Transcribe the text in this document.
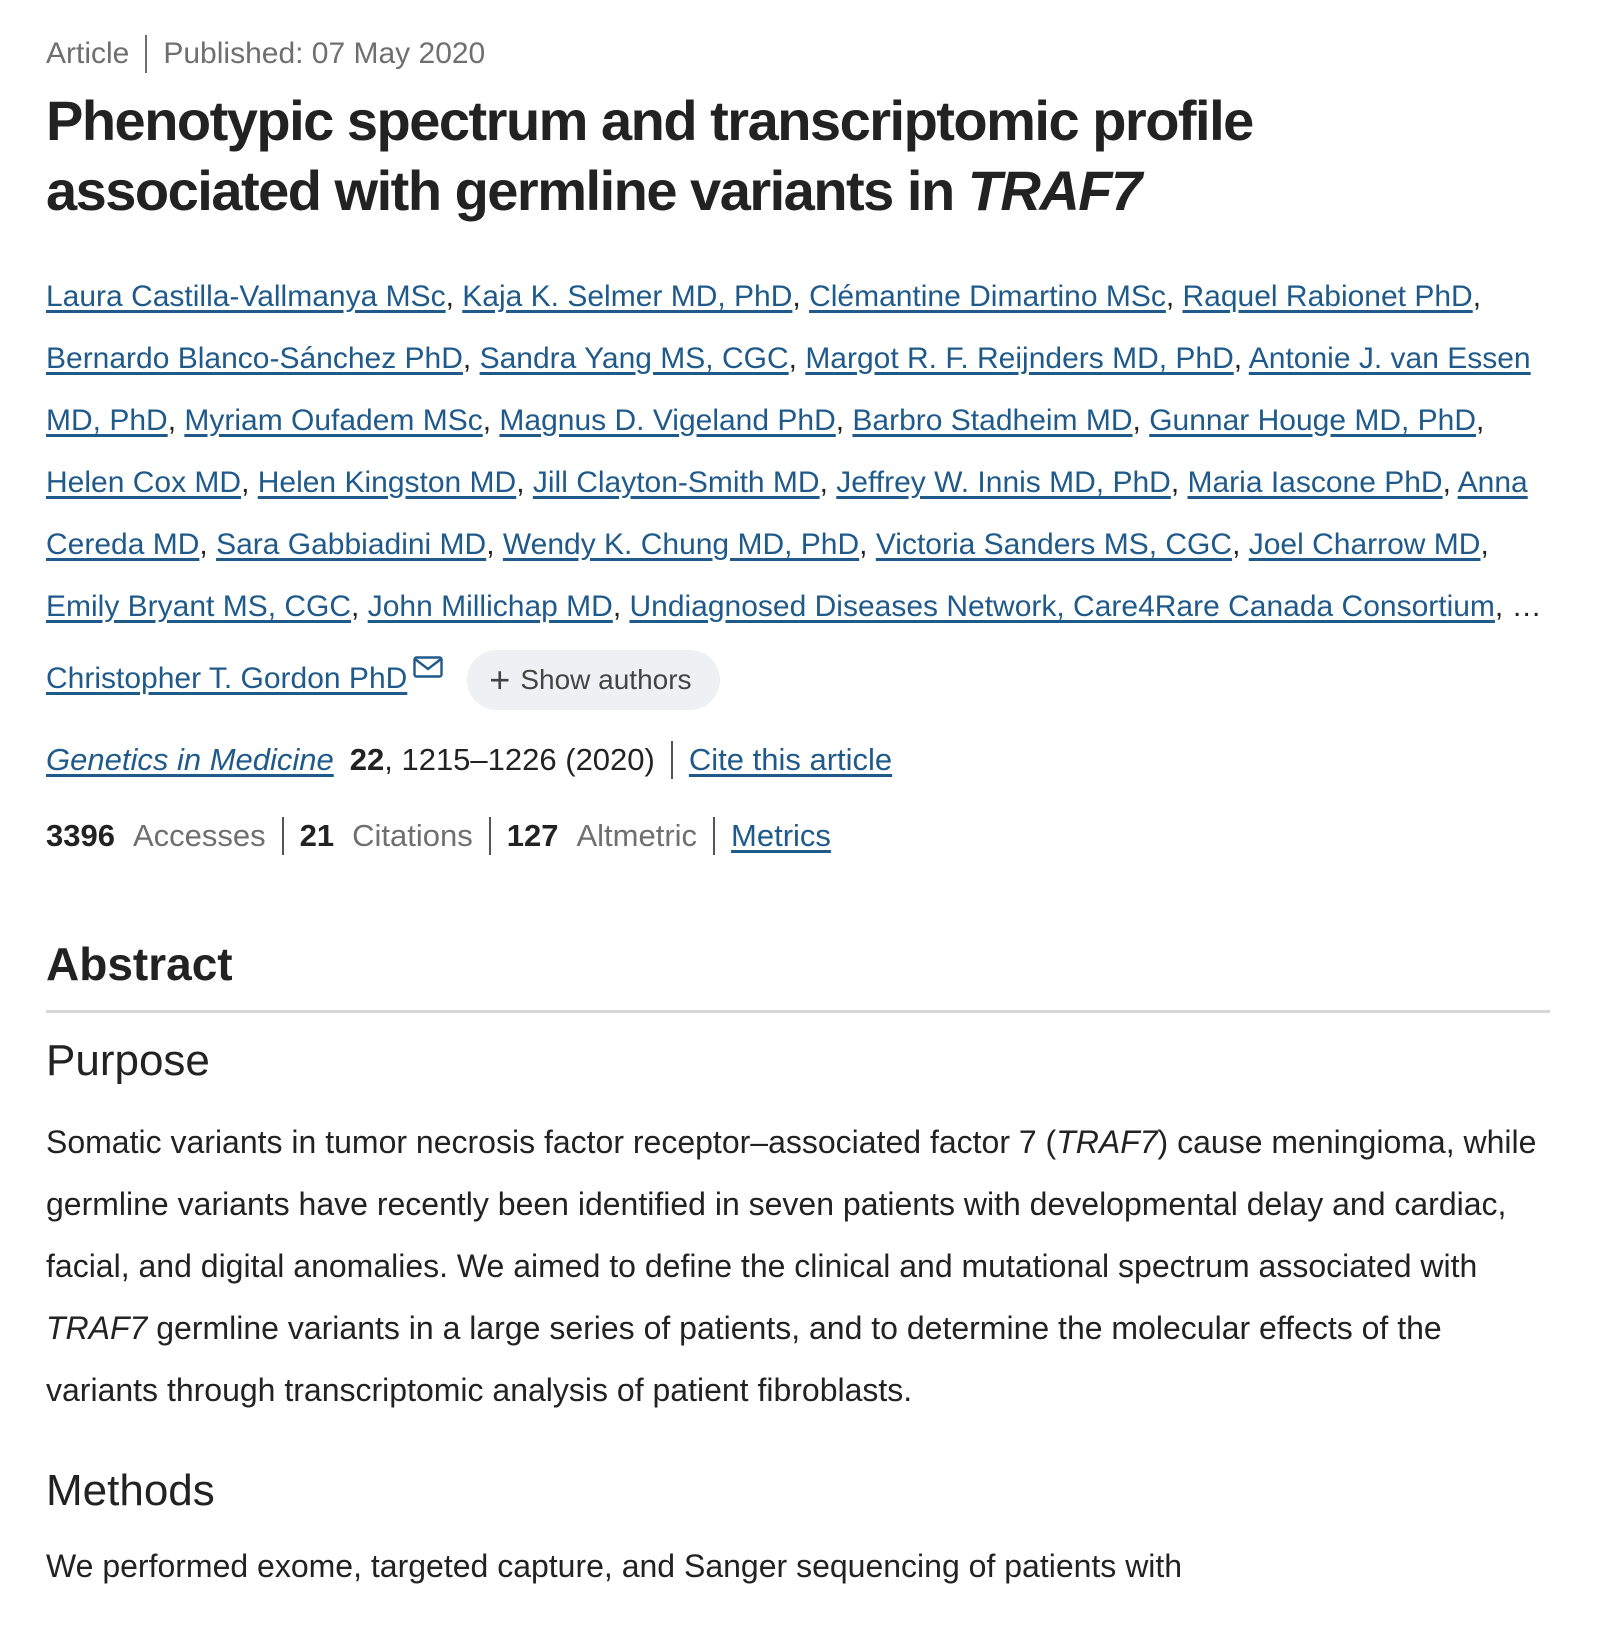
Article Published: 07 May 2020
Phenotypic spectrum and transcriptomic profile associated with germline variants in TRAF7
Laura Castilla-Vallmanya MSc, Kaja K. Selmer MD, PhD, Clémantine Dimartino MSc, Raquel Rabionet PhD, Bernardo Blanco-Sánchez PhD, Sandra Yang MS, CGC, Margot R. F. Reijnders MD, PhD, Antonie J. van Essen MD, PhD, Myriam Oufadem MSc, Magnus D. Vigeland PhD, Barbro Stadheim MD, Gunnar Houge MD, PhD, Helen Cox MD, Helen Kingston MD, Jill Clayton-Smith MD, Jeffrey W. Innis MD, PhD, Maria Iascone PhD, Anna Cereda MD, Sara Gabbiadini MD, Wendy K. Chung MD, PhD, Victoria Sanders MS, CGC, Joel Charrow MD, Emily Bryant MS, CGC, John Millichap MD, Undiagnosed Diseases Network, Care4Rare Canada Consortium, … Christopher T. Gordon PhD + Show authors
Genetics in Medicine 22 , 1215–1226 (2020) Cite this article
3396 Accesses 21 Citations 127 Altmetric Metrics
Abstract
Purpose

Somatic variants in tumor necrosis factor receptor–associated factor 7 (TRAF7) cause meningioma, while germline variants have recently been identified in seven patients with developmental delay and cardiac, facial, and digital anomalies. We aimed to define the clinical and mutational spectrum associated with TRAF7 germline variants in a large series of patients, and to determine the molecular effects of the variants through transcriptomic analysis of patient fibroblasts.

Methods

We performed exome, targeted capture, and Sanger sequencing of patients with
